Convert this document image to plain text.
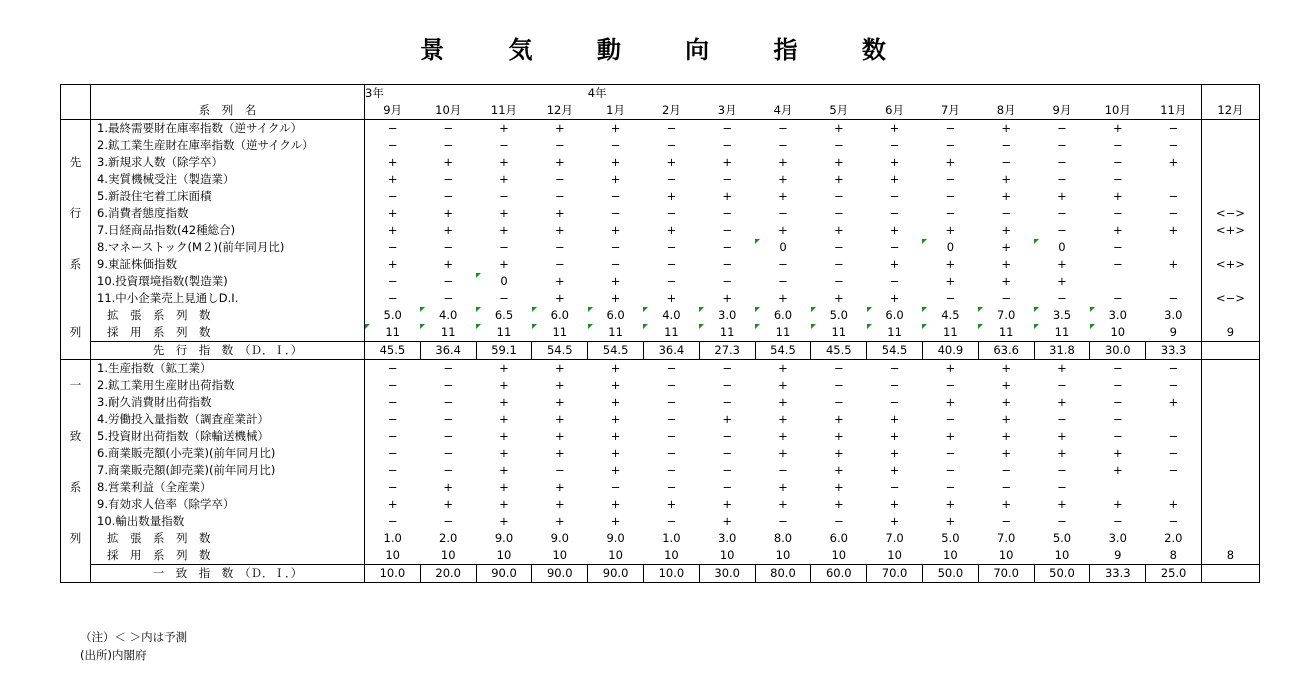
景 気 動 向 指 数
		3年				4年											
	系　列　名	9月	10月	11月	12月	1月	2月	3月	4月	5月	6月	7月	8月	9月	10月	11月	12月
	1.最終需要財在庫率指数（逆サイクル）	−	−	+	+	+	−	−	−	+	+	−	+	−	+	−	
	2.鉱工業生産財在庫率指数（逆サイクル）	−	−	−	−	−	−	−	−	−	−	−	−	−	−	−	
先	3.新規求人数（除学卒）	+	+	+	+	+	+	+	+	+	+	+	−	−	−	+	
	4.実質機械受注（製造業）	+	−	+	−	+	−	−	+	+	+	−	+	−	−		
	5.新設住宅着工床面積	−	−	−	−	−	+	+	+	−	−	−	+	+	+	−	
行	6.消費者態度指数	+	+	+	+	−	−	−	−	−	−	−	−	−	−	−	<−>
	7.日経商品指数(42種総合)	+	+	+	+	+	+	−	+	+	+	+	+	−	+	+	<+>
	8.マネーストック(M２)(前年同月比)	−	−	−	−	−	−	−	0	−	−	0	+	0	−		
系	9.東証株価指数	+	+	+	−	−	−	−	−	−	+	+	+	+	−	+	<+>
	10.投資環境指数(製造業)	−	−	0	+	+	−	−	−	−	−	+	+	+			
	11.中小企業売上見通しD.I.	−	−	−	+	+	+	+	+	+	+	−	−	−	−	−	<−>
	拡　張　系　列　数	5.0	4.0	6.5	6.0	6.0	4.0	3.0	6.0	5.0	6.0	4.5	7.0	3.5	3.0	3.0	
列	採　用　系　列　数	11	11	11	11	11	11	11	11	11	11	11	11	11	10	9	9
	先　行　指　数　（Ｄ．Ｉ．）	45.5	36.4	59.1	54.5	54.5	36.4	27.3	54.5	45.5	54.5	40.9	63.6	31.8	30.0	33.3	
	1.生産指数（鉱工業）	−	−	+	+	+	−	−	+	−	−	+	+	+	−	−	
一	2.鉱工業用生産財出荷指数	−	−	+	+	+	−	−	+	−	−	−	+	−	−	−	
	3.耐久消費財出荷指数	−	−	+	+	+	−	−	+	−	−	+	+	+	−	+	
	4.労働投入量指数（調査産業計）	−	−	+	+	+	−	+	+	+	+	−	+	−	−		
致	5.投資財出荷指数（除輸送機械）	−	−	+	+	+	−	−	+	+	+	+	+	+	−	−	
	6.商業販売額(小売業)(前年同月比)	−	−	+	+	+	−	−	+	+	+	−	+	+	+	−	
	7.商業販売額(卸売業)(前年同月比)	−	−	+	−	+	−	−	−	+	+	−	−	−	+	−	
系	8.営業利益（全産業）	−	+	+	+	−	−	−	+	+	−	−	−	−			
	9.有効求人倍率（除学卒）	+	+	+	+	+	+	+	+	+	+	+	+	+	+	+	
	10.輸出数量指数	−	−	+	+	+	−	+	−	−	+	+	−	−	−	−	
列	拡　張　系　列　数	1.0	2.0	9.0	9.0	9.0	1.0	3.0	8.0	6.0	7.0	5.0	7.0	5.0	3.0	2.0	
	採　用　系　列　数	10	10	10	10	10	10	10	10	10	10	10	10	10	9	8	8
	一　致　指　数　（Ｄ．Ｉ．）	10.0	20.0	90.0	90.0	90.0	10.0	30.0	80.0	60.0	70.0	50.0	70.0	50.0	33.3	25.0	
（注）＜ ＞内は予測
(出所)内閣府
